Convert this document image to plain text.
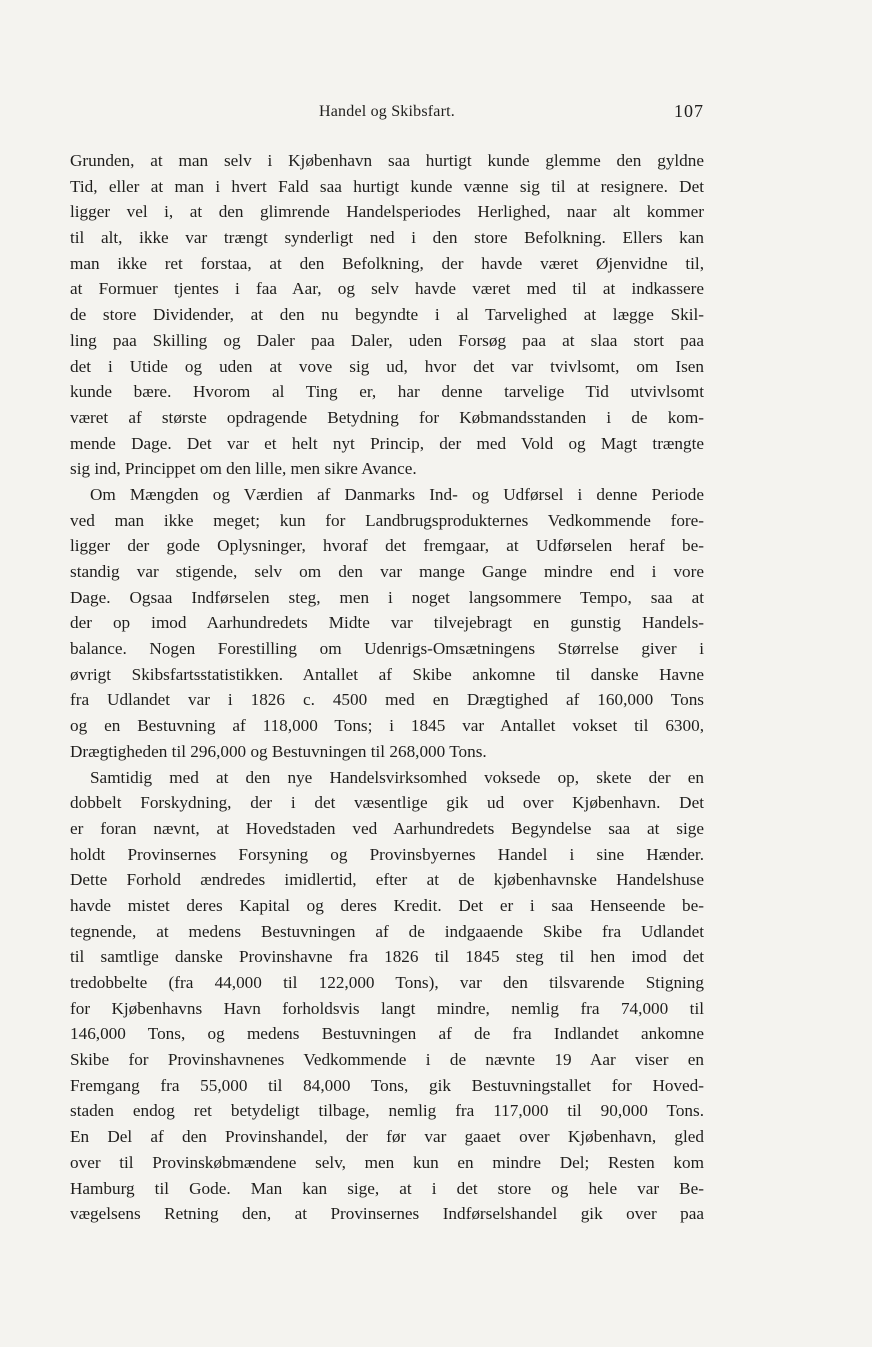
Handel og Skibsfart.	107
Grunden, at man selv i Kjøbenhavn saa hurtigt kunde glemme den gyldne
Tid, eller at man i hvert Fald saa hurtigt kunde vænne sig til at resignere. Det
ligger vel i, at den glimrende Handelsperiodes Herlighed, naar alt kommer
til alt, ikke var trængt synderligt ned i den store Befolkning. Ellers kan
man ikke ret forstaa, at den Befolkning, der havde været Øjenvidne til,
at Formuer tjentes i faa Aar, og selv havde været med til at indkassere
de store Dividender, at den nu begyndte i al Tarvelighed at lægge Skil-
ling paa Skilling og Daler paa Daler, uden Forsøg paa at slaa stort paa
det i Utide og uden at vove sig ud, hvor det var tvivlsomt, om Isen
kunde bære. Hvorom al Ting er, har denne tarvelige Tid utvivlsomt
været af største opdragende Betydning for Købmandsstanden i de kom-
mende Dage. Det var et helt nyt Princip, der med Vold og Magt trængte
sig ind, Princippet om den lille, men sikre Avance.
Om Mængden og Værdien af Danmarks Ind- og Udførsel i denne Periode
ved man ikke meget; kun for Landbrugsprodukternes Vedkommende fore-
ligger der gode Oplysninger, hvoraf det fremgaar, at Udførselen heraf be-
standig var stigende, selv om den var mange Gange mindre end i vore
Dage. Ogsaa Indførselen steg, men i noget langsommere Tempo, saa at
der op imod Aarhundredets Midte var tilvejebragt en gunstig Handels-
balance. Nogen Forestilling om Udenrigs-Omsætningens Størrelse giver i
øvrigt Skibsfartsstatistikken. Antallet af Skibe ankomne til danske Havne
fra Udlandet var i 1826 c. 4500 med en Drægtighed af 160,000 Tons
og en Bestuvning af 118,000 Tons; i 1845 var Antallet vokset til 6300,
Drægtigheden til 296,000 og Bestuvningen til 268,000 Tons.
Samtidig med at den nye Handelsvirksomhed voksede op, skete der en
dobbelt Forskydning, der i det væsentlige gik ud over Kjøbenhavn. Det
er foran nævnt, at Hovedstaden ved Aarhundredets Begyndelse saa at sige
holdt Provinsernes Forsyning og Provinsbyernes Handel i sine Hænder.
Dette Forhold ændredes imidlertid, efter at de kjøbenhavnske Handelshuse
havde mistet deres Kapital og deres Kredit. Det er i saa Henseende be-
tegnende, at medens Bestuvningen af de indgaaende Skibe fra Udlandet
til samtlige danske Provinshavne fra 1826 til 1845 steg til hen imod det
tredobbelte (fra 44,000 til 122,000 Tons), var den tilsvarende Stigning
for Kjøbenhavns Havn forholdsvis langt mindre, nemlig fra 74,000 til
146,000 Tons, og medens Bestuvningen af de fra Indlandet ankomne
Skibe for Provinshavnenes Vedkommende i de nævnte 19 Aar viser en
Fremgang fra 55,000 til 84,000 Tons, gik Bestuvningstallet for Hoved-
staden endog ret betydeligt tilbage, nemlig fra 117,000 til 90,000 Tons.
En Del af den Provinshandel, der før var gaaet over Kjøbenhavn, gled
over til Provinskøbmændene selv, men kun en mindre Del; Resten kom
Hamburg til Gode. Man kan sige, at i det store og hele var Be-
vægelsens Retning den, at Provinsernes Indførselshandel gik over paa
